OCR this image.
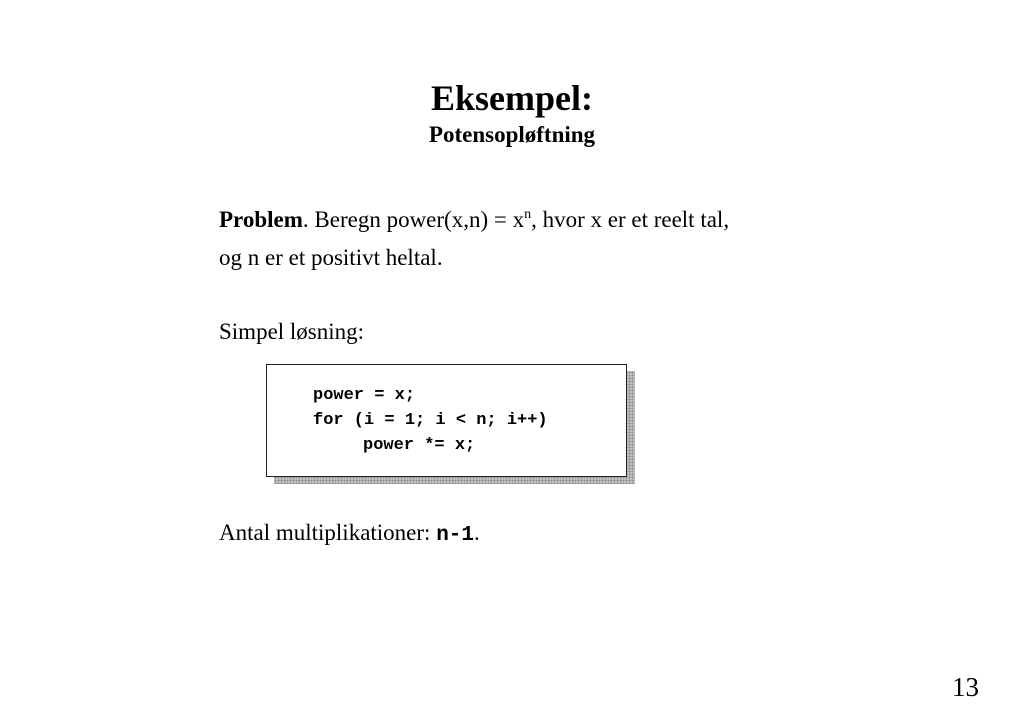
Eksempel:
Potensopløftning

Problem. Beregn power(x,n) = $x^n$, hvor x er et reelt tal,

og n er et positivt heltal.

Simpel løsning:

power = x;
for (i = 1; i < n; i++)
power *= x;

Antal multiplikationer: n-1.

13
